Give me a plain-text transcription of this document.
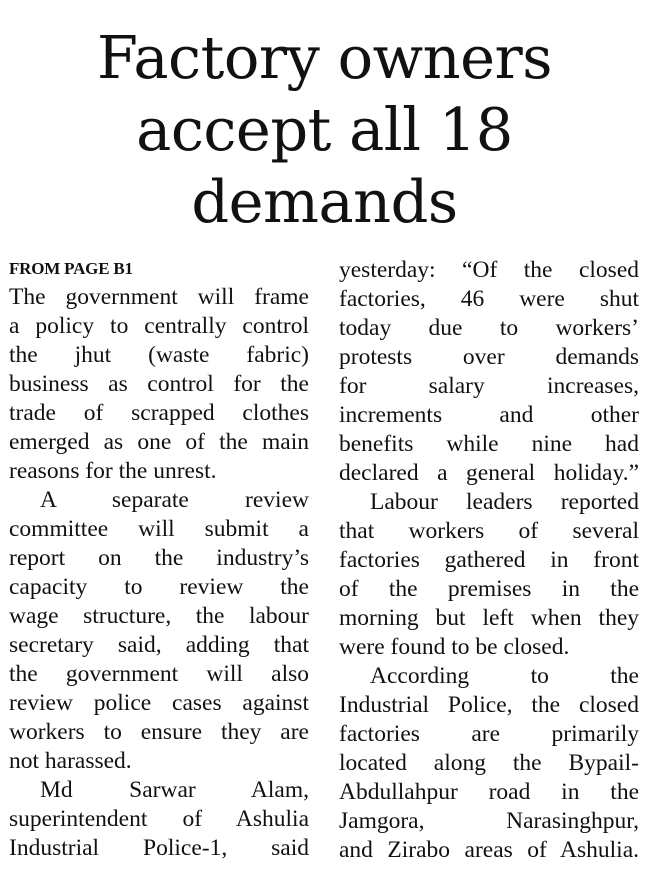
Factory owners
accept all 18
demands
FROM PAGE B1

The government will frame
a policy to centrally control
the jhut (waste fabric)
business as control for the
trade of scrapped clothes
emerged as one of the main
reasons for the unrest.

A separate review
committee will submit a
report on the industry’s
capacity to review the
wage structure, the labour
secretary said, adding that
the government will also
review police cases against
workers to ensure they are
not harassed.

Md Sarwar Alam,
superintendent of Ashulia
Industrial Police-1, said

yesterday: “Of the closed
factories, 46 were shut
today due to workers’
protests over demands
for salary increases,
increments and other
benefits while nine had
declared a general holiday.”

Labour leaders reported
that workers of several
factories gathered in front
of the premises in the
morning but left when they
were found to be closed.

According to the
Industrial Police, the closed
factories are primarily
located along the Bypail-
Abdullahpur road in the
Jamgora, Narasinghpur,
and Zirabo areas of Ashulia.
